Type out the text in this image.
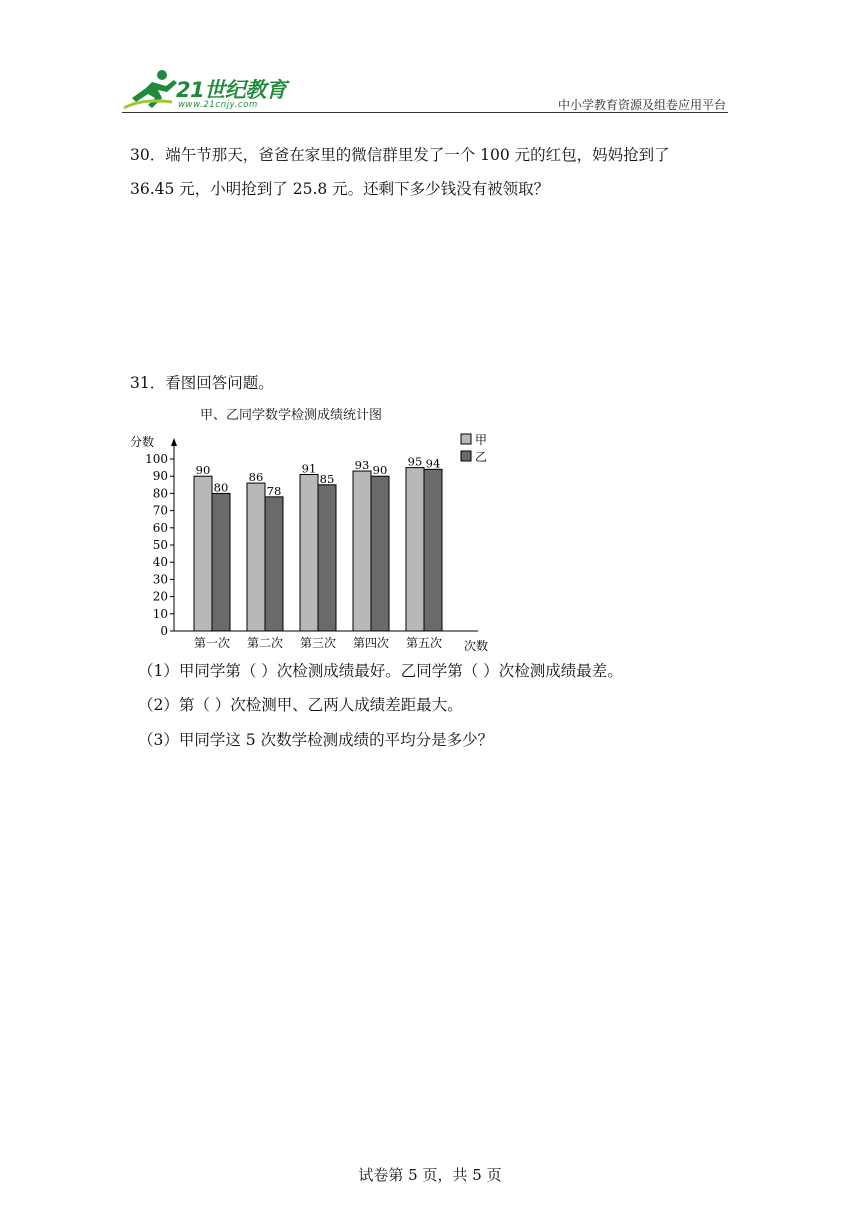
21世纪教育
www.21cnjy.com	中小学教育资源及组卷应用平台
30．端午节那天，爸爸在家里的微信群里发了一个 100 元的红包，妈妈抢到了
36.45 元，小明抢到了 25.8 元。还剩下多少钱没有被领取？
31．看图回答问题。
甲、乙同学数学检测成绩统计图
分数
次数
0
10
20
30
40
50
60
70
80
90
100
90
80
第一次
86
78
第二次
91
85
第三次
93 90
第四次
95 94
第五次
甲
乙
（1）甲同学第（ ）次检测成绩最好。乙同学第（ ）次检测成绩最差。
（2）第（ ）次检测甲、乙两人成绩差距最大。
（3）甲同学这 5 次数学检测成绩的平均分是多少？
试卷第 5 页，共 5 页
